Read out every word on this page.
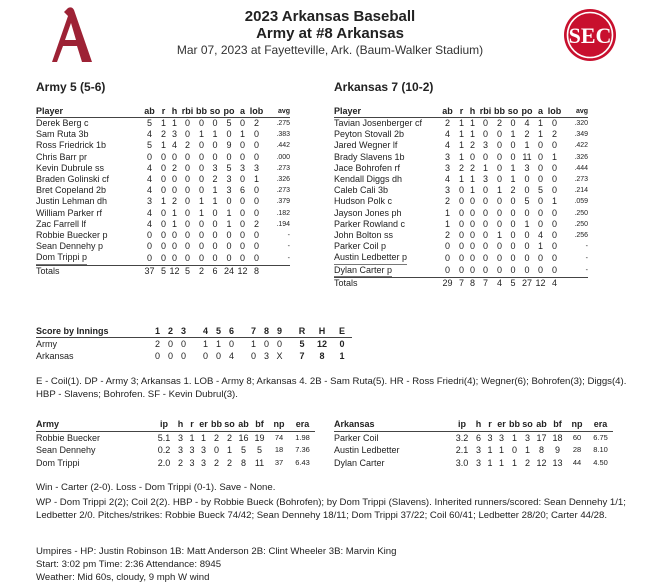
A
SEC
2023 Arkansas Baseball
Army at #8 Arkansas
Mar 07, 2023 at Fayetteville, Ark. (Baum-Walker Stadium)
Army 5 (5-6)	Arkansas 7 (10-2)
Player	ab	r	h	rbi	bb	so	po	a	lob	avg
Derek Berg c	5	1	1	0	0	0	5	0	2	.275
Sam Ruta 3b	4	2	3	0	1	1	0	1	0	.383
Ross Friedrick 1b	5	1	4	2	0	0	9	0	0	.442
Chris Barr pr	0	0	0	0	0	0	0	0	0	.000
Kevin Dubrule ss	4	0	2	0	0	3	5	3	3	.273
Braden Golinski cf	4	0	0	0	0	2	3	0	1	.326
Bret Copeland 2b	4	0	0	0	0	1	3	6	0	.273
Justin Lehman dh	3	1	2	0	1	1	0	0	0	.379
William Parker rf	4	0	1	0	1	0	1	0	0	.182
Zac Farrell lf	4	0	1	0	0	0	1	0	2	.194
Robbie Buecker p	0	0	0	0	0	0	0	0	0	-
Sean Dennehy p	0	0	0	0	0	0	0	0	0	-
Dom Trippi p	0	0	0	0	0	0	0	0	0	-
Totals	37	5	12	5	2	6	24	12	8	
Player	ab	r	h	rbi	bb	so	po	a	lob	avg
Tavian Josenberger cf	2	1	1	0	2	0	4	1	0	.320
Peyton Stovall 2b	4	1	1	0	0	1	2	1	2	.349
Jared Wegner lf	4	1	2	3	0	0	1	0	0	.422
Brady Slavens 1b	3	1	0	0	0	0	11	0	1	.326
Jace Bohrofen rf	3	2	2	1	0	1	3	0	0	.444
Kendall Diggs dh	4	1	1	3	0	1	0	0	0	.273
Caleb Cali 3b	3	0	1	0	1	2	0	5	0	.214
Hudson Polk c	2	0	0	0	0	0	5	0	1	.059
Jayson Jones ph	1	0	0	0	0	0	0	0	0	.250
Parker Rowland c	1	0	0	0	0	0	1	0	0	.250
John Bolton ss	2	0	0	0	1	0	0	4	0	.256
Parker Coil p	0	0	0	0	0	0	0	1	0	-
Austin Ledbetter p	0	0	0	0	0	0	0	0	0	-
Dylan Carter p	0	0	0	0	0	0	0	0	0	-
Totals	29	7	8	7	4	5	27	12	4	
Score by Innings	1	2	3	4	5	6	7	8	9	R	H	E
Army	2	0	0	1	1	0	1	0	0	5	12	0
Arkansas	0	0	0	0	0	4	0	3	X	7	8	1
E - Coil(1). DP - Army 3; Arkansas 1. LOB - Army 8; Arkansas 4. 2B - Sam Ruta(5). HR - Ross Friedri(4); Wegner(6); Bohrofen(3); Diggs(4). HBP - Slavens; Bohrofen. SF - Kevin Dubrul(3).
Army	ip	h	r	er	bb	so	ab	bf	np	era
Robbie Buecker	5.1	3	1	1	2	2	16	19	74	1.98
Sean Dennehy	0.2	3	3	3	0	1	5	5	18	7.36
Dom Trippi	2.0	2	3	3	2	2	8	11	37	6.43
Arkansas	ip	h	r	er	bb	so	ab	bf	np	era
Parker Coil	3.2	6	3	3	1	3	17	18	60	6.75
Austin Ledbetter	2.1	3	1	1	0	1	8	9	28	8.10
Dylan Carter	3.0	3	1	1	1	2	12	13	44	4.50
Win - Carter (2-0). Loss - Dom Trippi (0-1). Save - None.
WP - Dom Trippi 2(2); Coil 2(2). HBP - by Robbie Bueck (Bohrofen); by Dom Trippi (Slavens). Inherited runners/scored: Sean Dennehy 1/1; Ledbetter 2/0. Pitches/strikes: Robbie Bueck 74/42; Sean Dennehy 18/11; Dom Trippi 37/22; Coil 60/41; Ledbetter 28/20; Carter 44/28.
Umpires - HP: Justin Robinson 1B: Matt Anderson 2B: Clint Wheeler 3B: Marvin King
Start: 3:02 pm Time: 2:36 Attendance: 8945
Weather: Mid 60s, cloudy, 9 mph W wind
